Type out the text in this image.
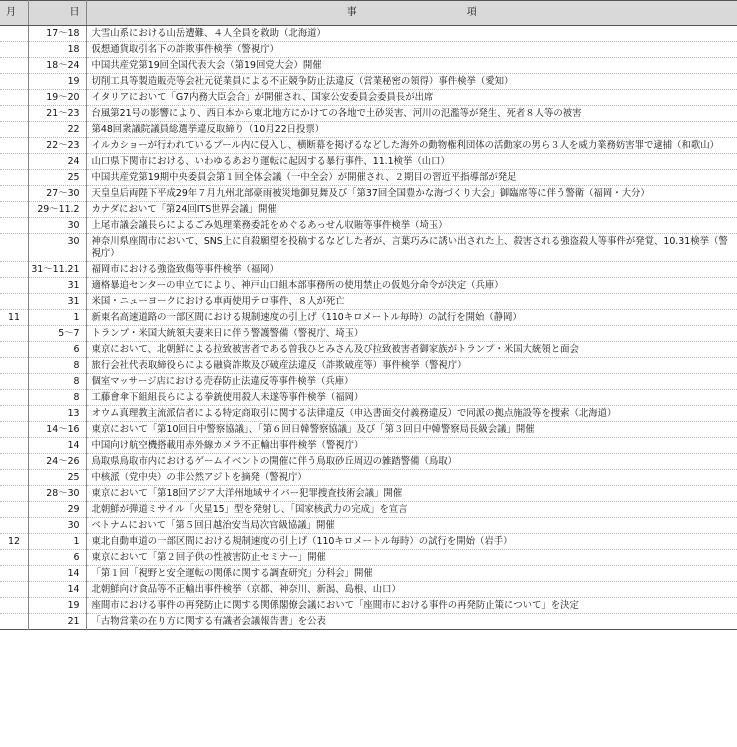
月	日	事 項
	17〜18	大雪山系における山岳遭難、４人全員を救助（北海道）
	18	仮想通貨取引名下の詐欺事件検挙（警視庁）
	18〜24	中国共産党第19回全国代表大会（第19回党大会）開催
	19	切削工具等製造販売等会社元従業員による不正競争防止法違反（営業秘密の領得）事件検挙（愛知）
	19〜20	イタリアにおいて「G7内務大臣会合」が開催され、国家公安委員会委員長が出席
	21〜23	台風第21号の影響により、西日本から東北地方にかけての各地で土砂災害、河川の氾濫等が発生、死者８人等の被害
	22	第48回衆議院議員総選挙違反取締り（10月22日投票）
	22〜23	イルカショーが行われているプール内に侵入し、横断幕を掲げるなどした海外の動物権利団体の活動家の男ら３人を威力業務妨害罪で逮捕（和歌山）
	24	山口県下関市における、いわゆるあおり運転に起因する暴行事件、11.1検挙（山口）
	25	中国共産党第19期中央委員会第１回全体会議（一中全会）が開催され、２期目の習近平指導部が発足
	27〜30	天皇皇后両陛下平成29年７月九州北部豪雨被災地御見舞及び「第37回全国豊かな海づくり大会」御臨席等に伴う警衛（福岡・大分）
	29〜11.2	カナダにおいて「第24回ITS世界会議」開催
	30	上尾市議会議長らによるごみ処理業務委託をめぐるあっせん収賄等事件検挙（埼玉）
	30	神奈川県座間市において、SNS上に自殺願望を投稿するなどした者が、言葉巧みに誘い出された上、殺害される強盗殺人等事件が発覚、10.31検挙（警視庁）
	31〜11.21	福岡市における強盗致傷等事件検挙（福岡）
	31	適格暴追センターの申立てにより、神戸山口組本部事務所の使用禁止の仮処分命令が決定（兵庫）
	31	米国・ニューヨークにおける車両使用テロ事件、８人が死亡
11	1	新東名高速道路の一部区間における規制速度の引上げ（110キロメートル毎時）の試行を開始（静岡）
	5〜7	トランプ・米国大統領夫妻来日に伴う警護警備（警視庁、埼玉）
	6	東京において、北朝鮮による拉致被害者である曽我ひとみさん及び拉致被害者御家族がトランプ・米国大統領と面会
	8	旅行会社代表取締役らによる融資詐欺及び破産法違反（詐欺破産等）事件検挙（警視庁）
	8	個室マッサージ店における売春防止法違反等事件検挙（兵庫）
	8	工藤會傘下組組長らによる拳銃使用殺人未遂等事件検挙（福岡）
	13	オウム真理教主流派信者による特定商取引に関する法律違反（申込書面交付義務違反）で同派の拠点施設等を捜索（北海道）
	14〜16	東京において「第10回日中警察協議」、「第６回日韓警察協議」及び「第３回日中韓警察局長級会議」開催
	14	中国向け航空機搭載用赤外線カメラ不正輸出事件検挙（警視庁）
	24〜26	鳥取県鳥取市内におけるゲームイベントの開催に伴う鳥取砂丘周辺の雑踏警備（鳥取）
	25	中核派（党中央）の非公然アジトを摘発（警視庁）
	28〜30	東京において「第18回アジア大洋州地域サイバー犯罪捜査技術会議」開催
	29	北朝鮮が弾道ミサイル「火星15」型を発射し、「国家核武力の完成」を宣言
	30	ベトナムにおいて「第５回日越治安当局次官級協議」開催
12	1	東北自動車道の一部区間における規制速度の引上げ（110キロメートル毎時）の試行を開始（岩手）
	6	東京において「第２回子供の性被害防止セミナー」開催
	14	「第１回「視野と安全運転の関係に関する調査研究」分科会」開催
	14	北朝鮮向け食品等不正輸出事件検挙（京都、神奈川、新潟、島根、山口）
	19	座間市における事件の再発防止に関する関係閣僚会議において「座間市における事件の再発防止策について」を決定
	21	「古物営業の在り方に関する有識者会議報告書」を公表
